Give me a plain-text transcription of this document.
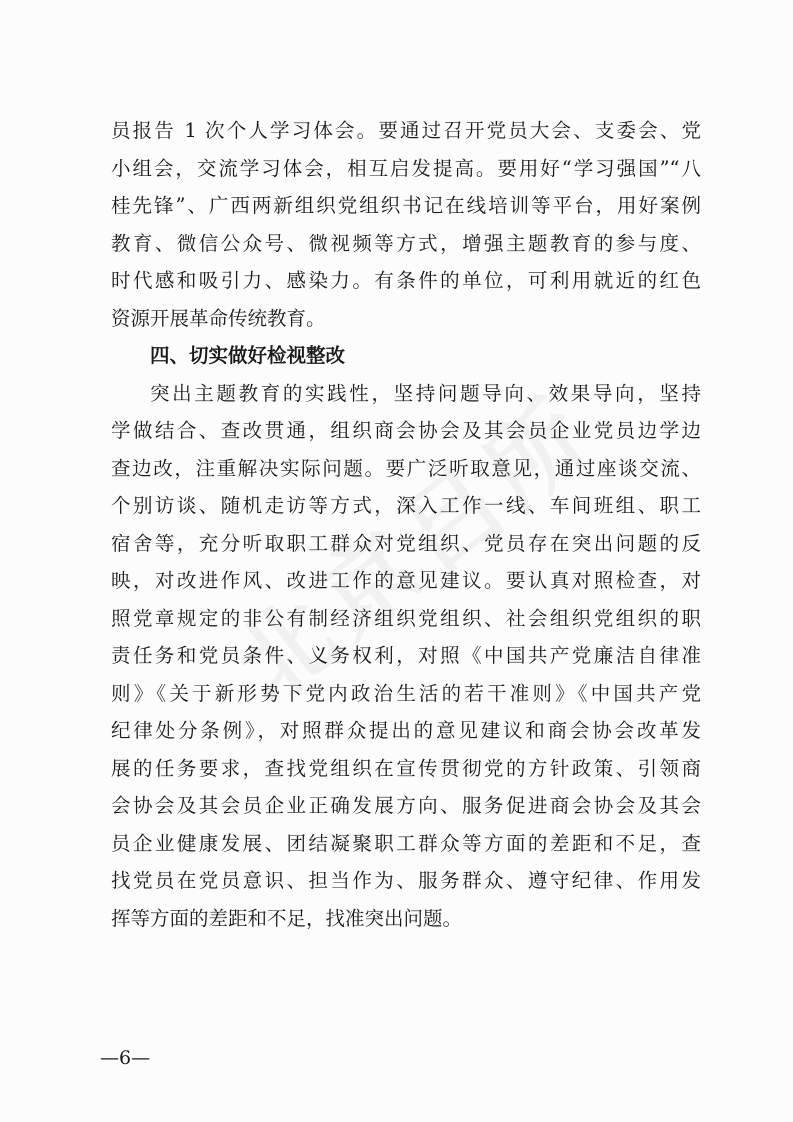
员报告 1 次个人学习体会。要通过召开党员大会、支委会、党
小组会，交流学习体会，相互启发提高。要用好“学习强国”“八
桂先锋”、广西两新组织党组织书记在线培训等平台，用好案例
教育、微信公众号、微视频等方式，增强主题教育的参与度、
时代感和吸引力、感染力。有条件的单位，可利用就近的红色
资源开展革命传统教育。
四、切实做好检视整改
突出主题教育的实践性，坚持问题导向、效果导向，坚持
学做结合、查改贯通，组织商会协会及其会员企业党员边学边
查边改，注重解决实际问题。要广泛听取意见，通过座谈交流、
个别访谈、随机走访等方式，深入工作一线、车间班组、职工
宿舍等，充分听取职工群众对党组织、党员存在突出问题的反
映，对改进作风、改进工作的意见建议。要认真对照检查，对
照党章规定的非公有制经济组织党组织、社会组织党组织的职
责任务和党员条件、义务权利，对照《中国共产党廉洁自律准
则》《关于新形势下党内政治生活的若干准则》《中国共产党
纪律处分条例》，对照群众提出的意见建议和商会协会改革发
展的任务要求，查找党组织在宣传贯彻党的方针政策、引领商
会协会及其会员企业正确发展方向、服务促进商会协会及其会
员企业健康发展、团结凝聚职工群众等方面的差距和不足，查
找党员在党员意识、担当作为、服务群众、遵守纪律、作用发
挥等方面的差距和不足，找准突出问题。
—6—
